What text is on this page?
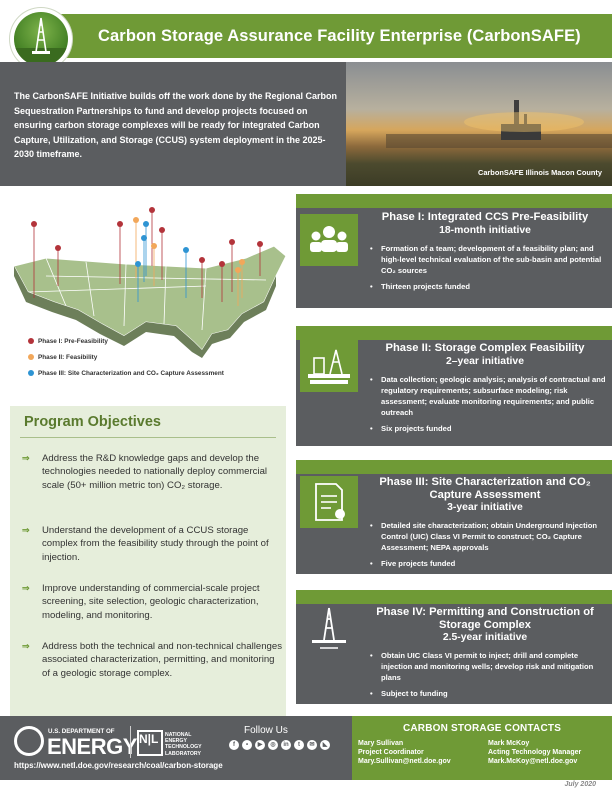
Carbon Storage Assurance Facility Enterprise (CarbonSAFE)
The CarbonSAFE Initiative builds off the work done by the Regional Carbon Sequestration Partnerships to fund and develop projects focused on ensuring carbon storage complexes will be ready for integrated Carbon Capture, Utilization, and Storage (CCUS) system deployment in the 2025-2030 timeframe.
CarbonSAFE Illinois Macon County
Phase I: Pre-Feasibility
Phase II: Feasibility
Phase III: Site Characterization and CO₂ Capture Assessment
Program Objectives
⇒ Address the R&D knowledge gaps and develop the technologies needed to nationally deploy commercial scale (50+ million metric ton) CO₂ storage.
⇒ Understand the development of a CCUS storage complex from the feasibility study through the point of injection.
⇒ Improve understanding of commercial-scale project screening, site selection, geologic characterization, modeling, and monitoring.
⇒ Address both the technical and non-technical challenges associated characterization, permitting, and monitoring of a geologic storage complex.
Phase I: Integrated CCS Pre-Feasibility
18-month initiative
• Formation of a team; development of a feasibility plan; and high-level technical evaluation of the sub-basin and potential CO₂ sources
• Thirteen projects funded
Phase II: Storage Complex Feasibility
2–year initiative
• Data collection; geologic analysis; analysis of contractual and regulatory requirements; subsurface modeling; risk assessment; evaluate monitoring requirements; and public outreach
• Six projects funded
Phase III: Site Characterization and CO₂ Capture Assessment
3-year initiative
• Detailed site characterization; obtain Underground Injection Control (UIC) Class VI Permit to construct; CO₂ Capture Assessment; NEPA approvals
• Five projects funded
Phase IV: Permitting and Construction of Storage Complex
2.5-year initiative
• Obtain UIC Class VI permit to inject; drill and complete injection and monitoring wells; develop risk and mitigation plans
• Subject to funding
https://www.netl.doe.gov/research/coal/carbon-storage
U.S. DEPARTMENT OF
ENERGY N|L NATIONAL
ENERGY
TECHNOLOGY
LABORATORY
Follow Us
f	•	▶	◎	in	t	✉	◣
CARBON STORAGE CONTACTS
Mary Sullivan
Project Coordinator
Mary.Sullivan@netl.doe.gov
Mark McKoy
Acting Technology Manager
Mark.McKoy@netl.doe.gov
July 2020
